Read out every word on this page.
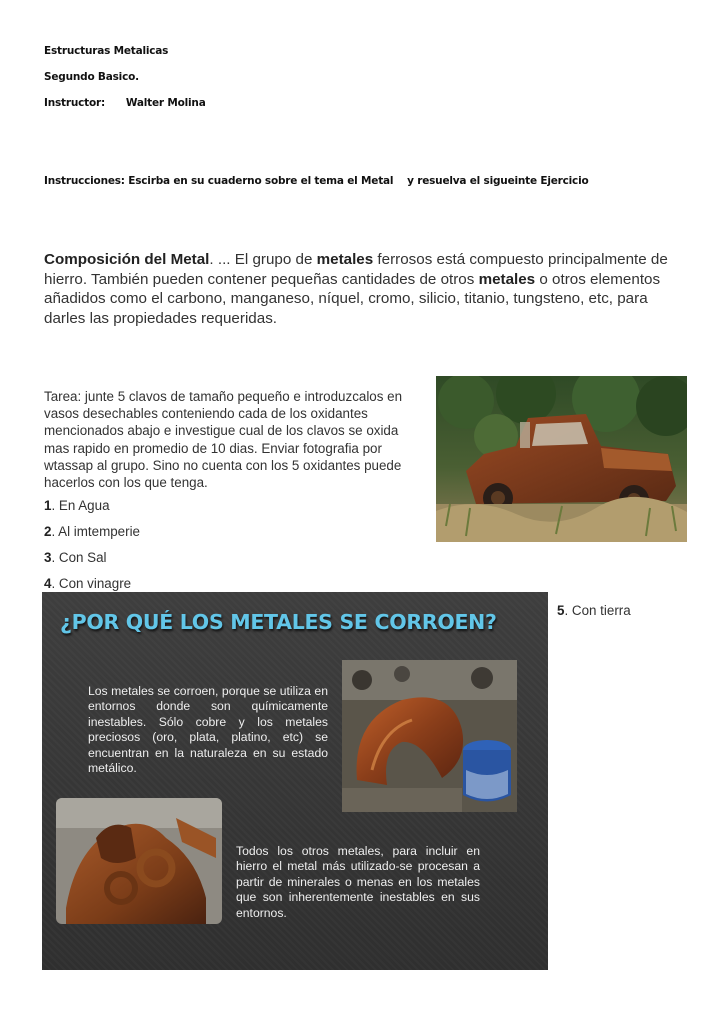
Estructuras Metalicas
Segundo Basico.
Instructor: Walter Molina
Instrucciones: Escirba en su cuaderno sobre el tema el Metal    y resuelva el sigueinte Ejercicio
Composición del Metal. ... El grupo de metales ferrosos está compuesto principalmente de hierro. También pueden contener pequeñas cantidades de otros metales o otros elementos añadidos como el carbono, manganeso, níquel, cromo, silicio, titanio, tungsteno, etc, para darles las propiedades requeridas.
Tarea: junte 5 clavos de tamaño pequeño e introduzcalos en vasos desechables conteniendo cada de los oxidantes mencionados abajo e investigue cual de los clavos se oxida mas rapido en promedio de 10 dias. Enviar fotografia por wtassap al grupo. Sino no cuenta con los 5 oxidantes puede hacerlos con los que tenga.
1. En Agua
2. Al imtemperie
3. Con Sal
4. Con vinagre
5. Con tierra
¿POR QUÉ LOS METALES SE CORROEN?
Los metales se corroen, porque se utiliza en entornos donde son químicamente inestables. Sólo cobre y los metales preciosos (oro, plata, platino, etc) se encuentran en la naturaleza en su estado metálico.
Todos los otros metales, para incluir en hierro el metal más utilizado-se procesan a partir de minerales o menas en los metales que son inherentemente inestables en sus entornos.
